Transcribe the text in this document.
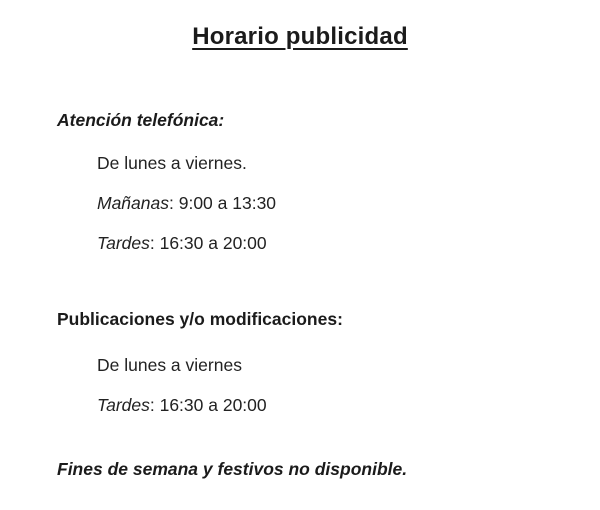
Horario publicidad
Atención telefónica:

De lunes a viernes.

Mañanas: 9:00 a 13:30

Tardes: 16:30 a 20:00

Publicaciones y/o modificaciones:

De lunes a viernes

Tardes: 16:30 a 20:00

Fines de semana y festivos no disponible.
